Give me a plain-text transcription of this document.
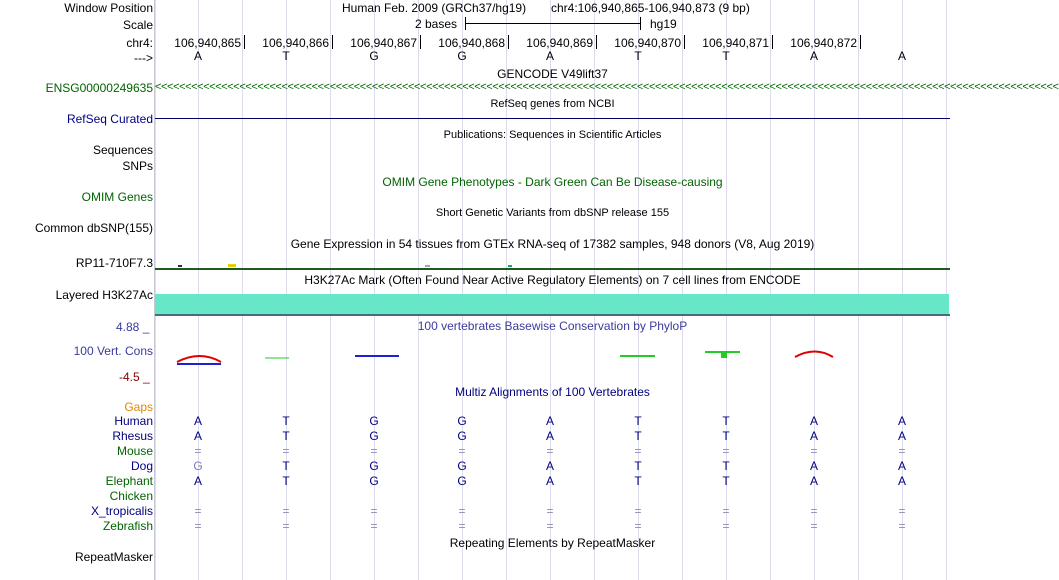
Window Position	Human Feb. 2009 (GRCh37/hg19) chr4:106,940,865-106,940,873 (9 bp)
Scale	2 bases	hg19
chr4:	106,940,865	106,940,866	106,940,867	106,940,868	106,940,869	106,940,870	106,940,871	106,940,872
--->	A	T	G	G	A	T	T	A	A
GENCODE V49lift37
ENSG00000249635 <<<<<<<<<<<<<<<<<<<<<<<<<<<<<<<<<<<<<<<<<<<<<<<<<<<<<<<<<<<<<<<<<<<<<<<<<<<<<<<<<<<<<<<<<<<<<<<<<<<<<<<<<<<<<<<<<<<<<<<<<<<<<<<<<<<<<<<<<<<<<<<<<<<<<<
RefSeq genes from NCBI
RefSeq Curated
Publications: Sequences in Scientific Articles
Sequences
SNPs
OMIM Gene Phenotypes - Dark Green Can Be Disease-causing
OMIM Genes
Short Genetic Variants from dbSNP release 155
Common dbSNP(155)
Gene Expression in 54 tissues from GTEx RNA-seq of 17382 samples, 948 donors (V8, Aug 2019)
RP11-710F7.3
H3K27Ac Mark (Often Found Near Active Regulatory Elements) on 7 cell lines from ENCODE
Layered H3K27Ac
100 vertebrates Basewise Conservation by PhyloP
4.88 _
100 Vert. Cons
-4.5 _
Multiz Alignments of 100 Vertebrates
Gaps
Human	A	T	G	G	A	T	T	A	A
Rhesus	A	T	G	G	A	T	T	A	A
Mouse	=	=	=	=	=	=	=	=	=
Dog	G	T	G	G	A	T	T	A	A
Elephant	A	T	G	G	A	T	T	A	A
Chicken
X_tropicalis	=	=	=	=	=	=	=	=	=
Zebrafish	=	=	=	=	=	=	=	=	=
Repeating Elements by RepeatMasker
RepeatMasker
